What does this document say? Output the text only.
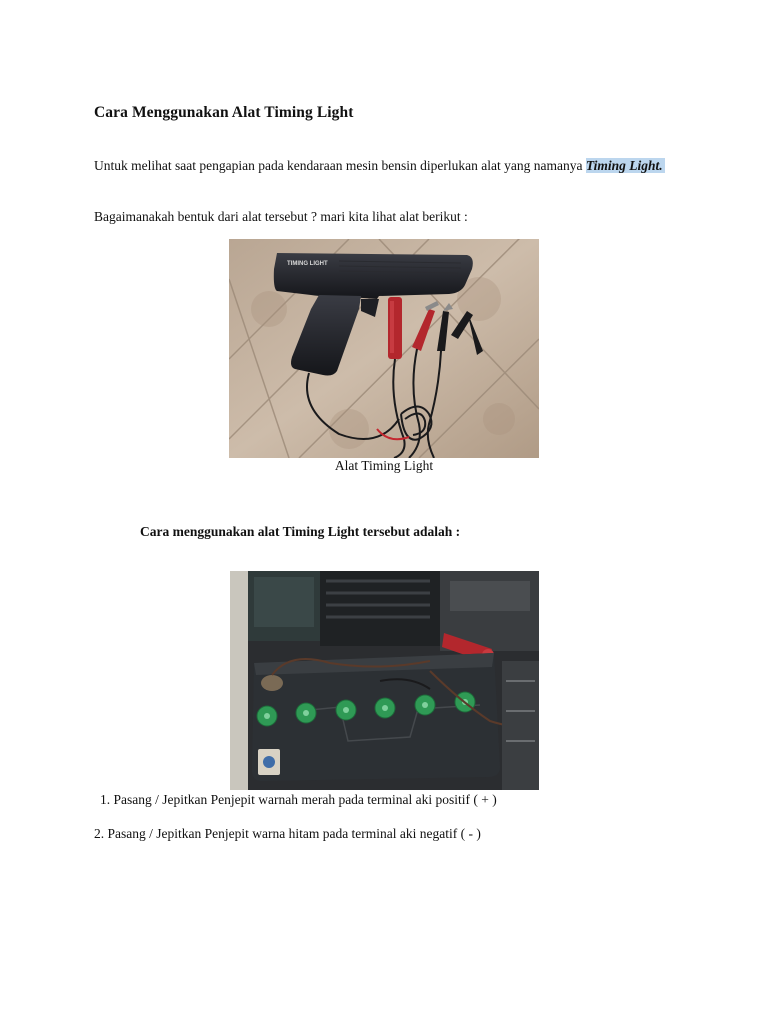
Cara Menggunakan Alat Timing Light

Untuk melihat saat pengapian pada kendaraan mesin bensin diperlukan alat yang namanya Timing Light.

Bagaimanakah bentuk dari alat tersebut ? mari kita lihat alat berikut :

TIMING LIGHT
Alat Timing Light
Cara menggunakan alat Timing Light tersebut adalah :

1. Pasang / Jepitkan Penjepit warnah merah pada terminal aki positif ( + )

2. Pasang / Jepitkan Penjepit warna hitam pada terminal aki negatif ( - )
